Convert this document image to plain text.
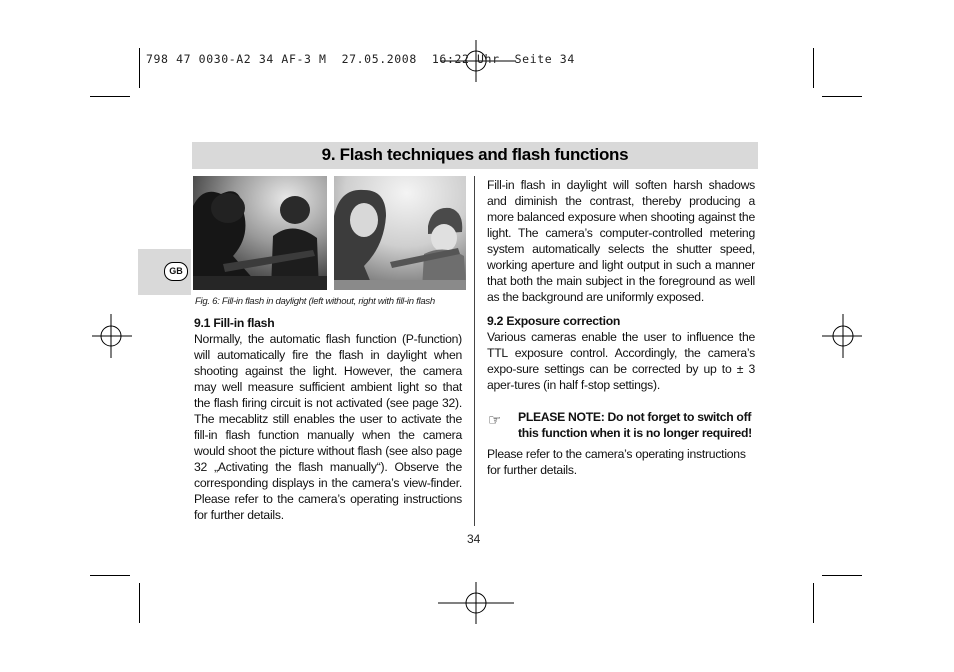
798 47 0030-A2 34 AF-3 M  27.05.2008  16:22 Uhr  Seite 34
9. Flash techniques and flash functions
GB
Fig. 6: Fill-in flash in daylight (left without, right with fill-in flash
9.1 Fill-in flash

Normally, the automatic flash function (P-function) will automatically fire the flash in daylight when shooting against the light. However, the camera may well measure sufficient ambient light so that the flash firing circuit is not activated (see page 32). The mecablitz still enables the user to activate the fill-in flash function manually when the camera would shoot the picture without flash (see also page 32 „Activating the flash manually“). Observe the corresponding displays in the camera’s view-finder. Please refer to the camera’s operating instructions for further details.

Fill-in flash in daylight will soften harsh shadows and diminish the contrast, thereby producing a more balanced exposure when shooting against the light. The camera’s computer-controlled metering system automatically selects the shutter speed, working aperture and light output in such a manner that both the main subject in the foreground as well as the background are uniformly exposed.

9.2 Exposure correction

Various cameras enable the user to influence the TTL exposure control. Accordingly, the camera’s expo-sure settings can be corrected by up to ± 3 aper-tures (in half f-stop settings).

☞ PLEASE NOTE: Do not forget to switch off this function when it is no longer required!
Please refer to the camera’s operating instructions for further details.
34
